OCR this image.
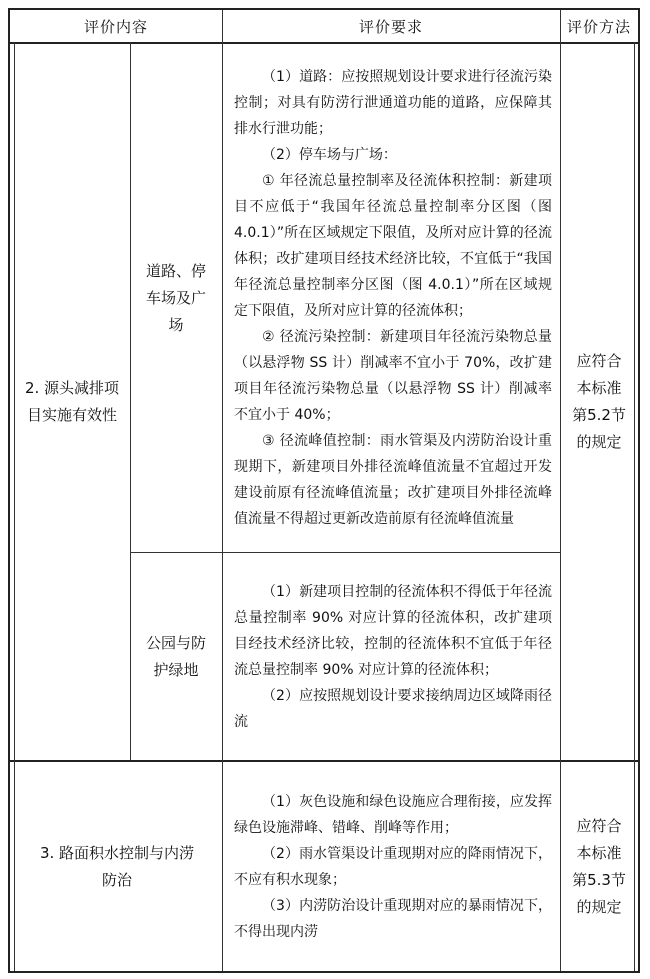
评价内容	评价要求	评价方法
2. 源头减排项目实施有效性
道路、停车场及广场

（1）道路：应按照规划设计要求进行径流污染控制；对具有防涝行泄通道功能的道路，应保障其排水行泄功能；

（2）停车场与广场：

① 年径流总量控制率及径流体积控制：新建项目不应低于“我国年径流总量控制率分区图（图 4.0.1）”所在区域规定下限值，及所对应计算的径流体积；改扩建项目经技术经济比较，不宜低于“我国年径流总量控制率分区图（图 4.0.1）”所在区域规定下限值，及所对应计算的径流体积；

② 径流污染控制：新建项目年径流污染物总量（以悬浮物 SS 计）削减率不宜小于 70%，改扩建项目年径流污染物总量（以悬浮物 SS 计）削减率不宜小于 40%；

③ 径流峰值控制：雨水管渠及内涝防治设计重现期下，新建项目外排径流峰值流量不宜超过开发建设前原有径流峰值流量；改扩建项目外排径流峰值流量不得超过更新改造前原有径流峰值流量

公园与防护绿地

（1）新建项目控制的径流体积不得低于年径流总量控制率 90% 对应计算的径流体积，改扩建项目经技术经济比较，控制的径流体积不宜低于年径流总量控制率 90% 对应计算的径流体积；

（2）应按照规划设计要求接纳周边区域降雨径流

应符合本标准第5.2节的规定
3. 路面积水控制与内涝防治

（1）灰色设施和绿色设施应合理衔接，应发挥绿色设施滞峰、错峰、削峰等作用；

（2）雨水管渠设计重现期对应的降雨情况下，不应有积水现象；

（3）内涝防治设计重现期对应的暴雨情况下，不得出现内涝

应符合本标准第5.3节的规定
